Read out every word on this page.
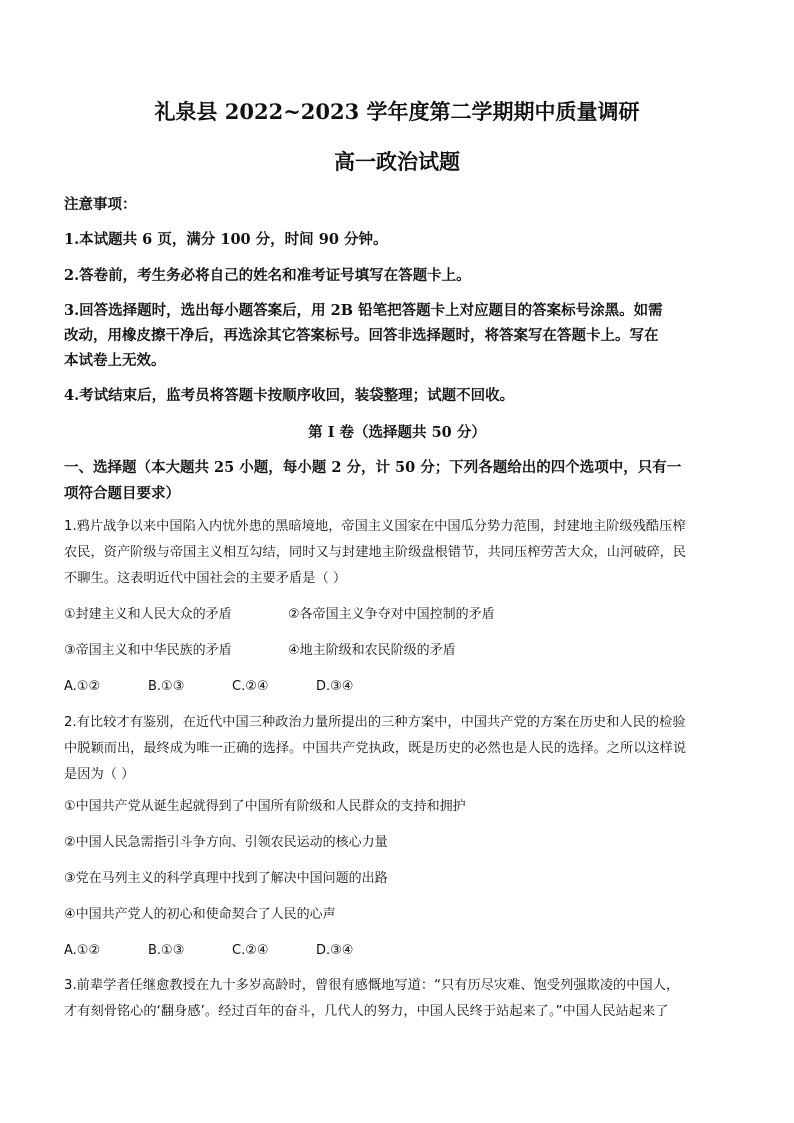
礼泉县 2022~2023 学年度第二学期期中质量调研
高一政治试题
注意事项：
1.本试题共 6 页，满分 100 分，时间 90 分钟。
2.答卷前，考生务必将自己的姓名和准考证号填写在答题卡上。
3.回答选择题时，选出每小题答案后，用 2B 铅笔把答题卡上对应题目的答案标号涂黑。如需
改动，用橡皮擦干净后，再选涂其它答案标号。回答非选择题时，将答案写在答题卡上。写在
本试卷上无效。
4.考试结束后，监考员将答题卡按顺序收回，装袋整理；试题不回收。
第 I 卷（选择题共 50 分）
一、选择题（本大题共 25 小题，每小题 2 分，计 50 分；下列各题给出的四个选项中，只有一
项符合题目要求）
1.鸦片战争以来中国陷入内忧外患的黑暗境地，帝国主义国家在中国瓜分势力范围，封建地主阶级残酷压榨
农民，资产阶级与帝国主义相互勾结，同时又与封建地主阶级盘根错节，共同压榨劳苦大众，山河破碎，民
不聊生。这表明近代中国社会的主要矛盾是（ ）
①封建主义和人民大众的矛盾	②各帝国主义争夺对中国控制的矛盾
③帝国主义和中华民族的矛盾	④地主阶级和农民阶级的矛盾
A.①②	B.①③	C.②④	D.③④
2.有比较才有鉴别，在近代中国三种政治力量所提出的三种方案中，中国共产党的方案在历史和人民的检验
中脱颖而出，最终成为唯一正确的选择。中国共产党执政，既是历史的必然也是人民的选择。之所以这样说
是因为（ ）
①中国共产党从诞生起就得到了中国所有阶级和人民群众的支持和拥护
②中国人民急需指引斗争方向、引领农民运动的核心力量
③党在马列主义的科学真理中找到了解决中国问题的出路
④中国共产党人的初心和使命契合了人民的心声
A.①②	B.①③	C.②④	D.③④
3.前辈学者任继愈教授在九十多岁高龄时，曾很有感慨地写道：“只有历尽灾难、饱受列强欺凌的中国人，
才有刻骨铭心的‘翻身感’。经过百年的奋斗，几代人的努力，中国人民终于站起来了。”中国人民站起来了
